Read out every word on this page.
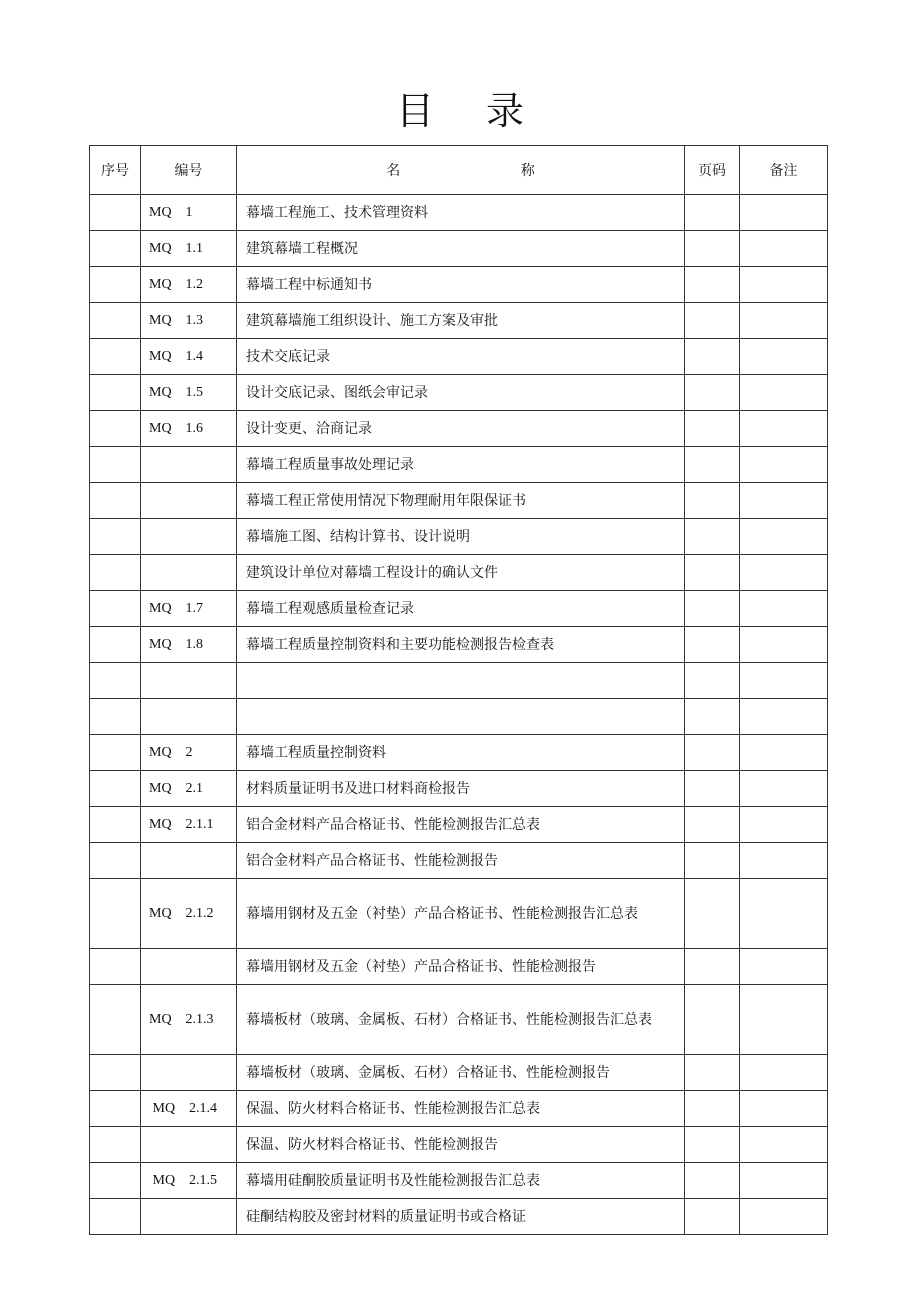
目录
序号	编号	名 称	页码	备注
	MQ    1	幕墙工程施工、技术管理资料		
	MQ    1.1	建筑幕墙工程概况		
	MQ    1.2	幕墙工程中标通知书		
	MQ    1.3	建筑幕墙施工组织设计、施工方案及审批		
	MQ    1.4	技术交底记录		
	MQ    1.5	设计交底记录、图纸会审记录		
	MQ    1.6	设计变更、洽商记录		
		幕墙工程质量事故处理记录		
		幕墙工程正常使用情况下物理耐用年限保证书		
		幕墙施工图、结构计算书、设计说明		
		建筑设计单位对幕墙工程设计的确认文件		
	MQ    1.7	幕墙工程观感质量检查记录		
	MQ    1.8	幕墙工程质量控制资料和主要功能检测报告检查表		

	MQ    2	幕墙工程质量控制资料		
	MQ    2.1	材料质量证明书及进口材料商检报告		
	MQ    2.1.1	铝合金材料产品合格证书、性能检测报告汇总表		
		铝合金材料产品合格证书、性能检测报告		
	MQ    2.1.2	幕墙用钢材及五金（衬垫）产品合格证书、性能检测报告汇总表		
		幕墙用钢材及五金（衬垫）产品合格证书、性能检测报告		
	MQ    2.1.3	幕墙板材（玻璃、金属板、石材）合格证书、性能检测报告汇总表		
		幕墙板材（玻璃、金属板、石材）合格证书、性能检测报告		
	MQ    2.1.4	保温、防火材料合格证书、性能检测报告汇总表		
		保温、防火材料合格证书、性能检测报告		
	MQ    2.1.5	幕墙用硅酮胶质量证明书及性能检测报告汇总表		
		硅酮结构胶及密封材料的质量证明书或合格证		
